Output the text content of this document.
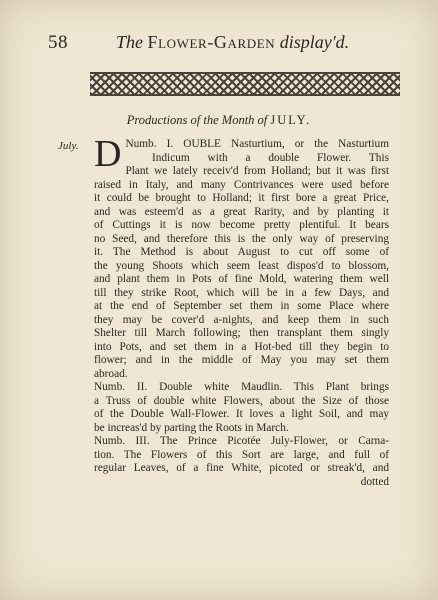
58	The Flower-Garden display'd.
Productions of the Month of JULY.
July.	Numb. I.
D	OUBLE Nasturtium, or the Nasturtium
Indicum with a double Flower. This
Plant we lately receiv'd from Holland; but it was first
raised in Italy, and many Contrivances were used before
it could be brought to Holland; it first bore a great Price,
and was esteem'd as a great Rarity, and by planting it
of Cuttings it is now become pretty plentiful. It bears
no Seed, and therefore this is the only way of preserving
it. The Method is about August to cut off some of
the young Shoots which seem least dispos'd to blossom,
and plant them in Pots of fine Mold, watering them well
till they strike Root, which will be in a few Days, and
at the end of September set them in some Place where
they may be cover'd a-nights, and keep them in such
Shelter till March following; then transplant them singly
into Pots, and set them in a Hot-bed till they begin to
flower; and in the middle of May you may set them
abroad.
Numb. II. Double white Maudlin. This Plant brings
a Truss of double white Flowers, about the Size of those
of the Double Wall-Flower. It loves a light Soil, and may
be increas'd by parting the Roots in March.
Numb. III. The Prince Picotée July-Flower, or Carna-
tion. The Flowers of this Sort are large, and full of
regular Leaves, of a fine White, picoted or streak'd, and
dotted
